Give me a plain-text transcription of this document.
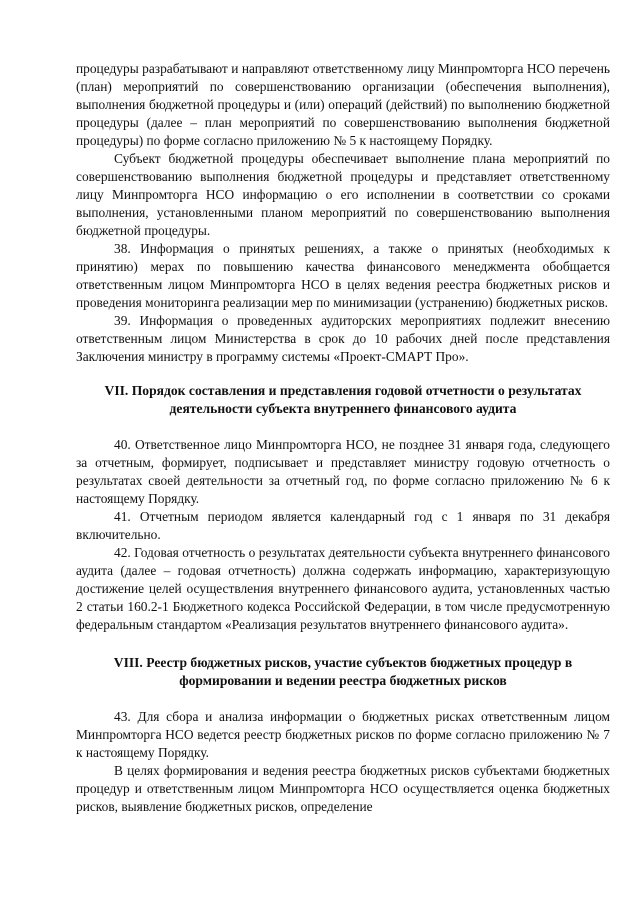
процедуры разрабатывают и направляют ответственному лицу Минпромторга НСО перечень (план) мероприятий по совершенствованию организации (обеспечения выполнения), выполнения бюджетной процедуры и (или) операций (действий) по выполнению бюджетной процедуры (далее – план мероприятий по совершенствованию выполнения бюджетной процедуры) по форме согласно приложению № 5 к настоящему Порядку.

Субъект бюджетной процедуры обеспечивает выполнение плана мероприятий по совершенствованию выполнения бюджетной процедуры и представляет ответственному лицу Минпромторга НСО информацию о его исполнении в соответствии со сроками выполнения, установленными планом мероприятий по совершенствованию выполнения бюджетной процедуры.

38. Информация о принятых решениях, а также о принятых (необходимых к принятию) мерах по повышению качества финансового менеджмента обобщается ответственным лицом Минпромторга НСО в целях ведения реестра бюджетных рисков и проведения мониторинга реализации мер по минимизации (устранению) бюджетных рисков.

39. Информация о проведенных аудиторских мероприятиях подлежит внесению ответственным лицом Министерства в срок до 10 рабочих дней после представления Заключения министру в программу системы «Проект-СМАРТ Про».

VII. Порядок составления и представления годовой отчетности о результатах
деятельности субъекта внутреннего финансового аудита

40. Ответственное лицо Минпромторга НСО, не позднее 31 января года, следующего за отчетным, формирует, подписывает и представляет министру годовую отчетность о результатах своей деятельности за отчетный год, по форме согласно приложению № 6 к настоящему Порядку.

41. Отчетным периодом является календарный год с 1 января по 31 декабря включительно.

42. Годовая отчетность о результатах деятельности субъекта внутреннего финансового аудита (далее – годовая отчетность) должна содержать информацию, характеризующую достижение целей осуществления внутреннего финансового аудита, установленных частью 2 статьи 160.2-1 Бюджетного кодекса Российской Федерации, в том числе предусмотренную федеральным стандартом «Реализация результатов внутреннего финансового аудита».

VIII. Реестр бюджетных рисков, участие субъектов бюджетных процедур в
формировании и ведении реестра бюджетных рисков

43. Для сбора и анализа информации о бюджетных рисках ответственным лицом Минпромторга НСО ведется реестр бюджетных рисков по форме согласно приложению № 7 к настоящему Порядку.

В целях формирования и ведения реестра бюджетных рисков субъектами бюджетных процедур и ответственным лицом Минпромторга НСО осуществляется оценка бюджетных рисков, выявление бюджетных рисков, определение
